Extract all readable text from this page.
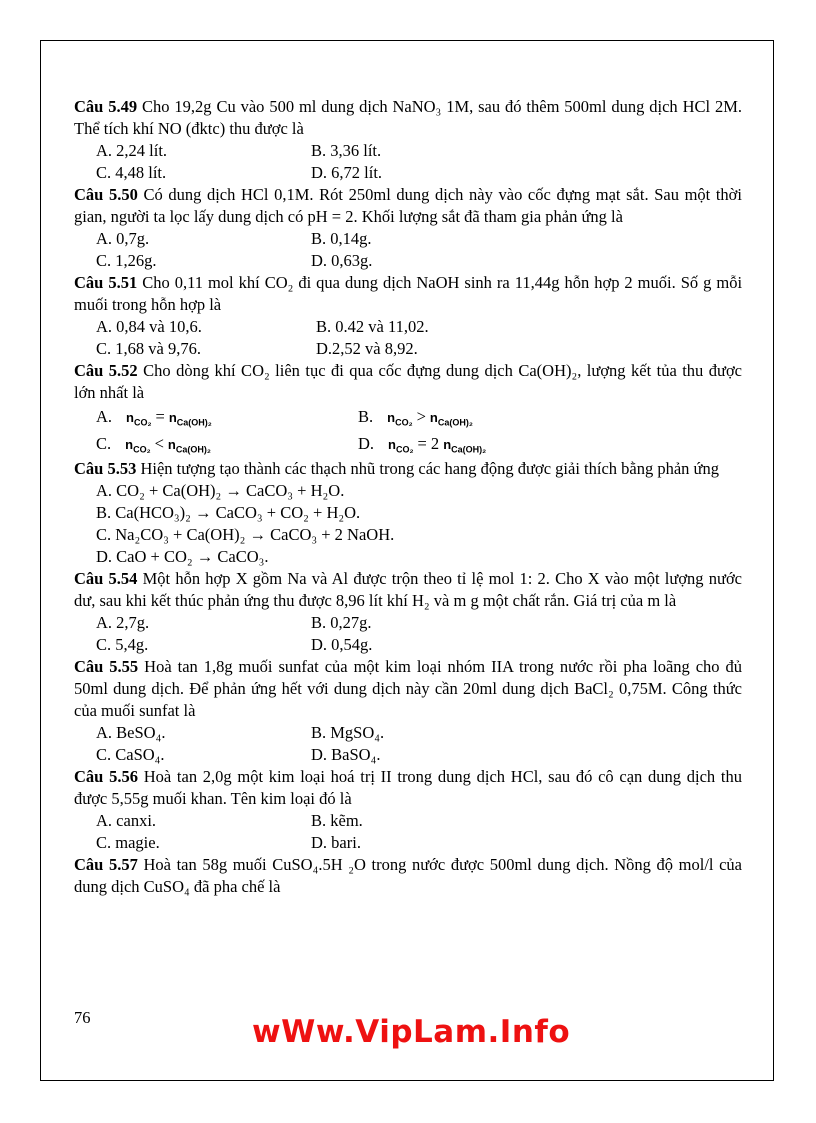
Câu 5.49 Cho 19,2g Cu vào 500 ml dung dịch NaNO₃ 1M, sau đó thêm 500ml dung dịch HCl 2M. Thể tích khí NO (đktc) thu được là
A. 2,24 lít.	B. 3,36 lít.
C. 4,48 lít.	D. 6,72 lít.
Câu 5.50 Có dung dịch HCl 0,1M. Rót 250ml dung dịch này vào cốc đựng mạt sắt. Sau một thời gian, người ta lọc lấy dung dịch có pH = 2. Khối lượng sắt đã tham gia phản ứng là
A. 0,7g.	B. 0,14g.
C. 1,26g.	D. 0,63g.
Câu 5.51 Cho 0,11 mol khí CO₂ đi qua dung dịch NaOH sinh ra 11,44g hỗn hợp 2 muối. Số g mỗi muối trong hỗn hợp là
A. 0,84 và 10,6.	B. 0.42 và 11,02.
C. 1,68 và 9,76.	D.2,52 và 8,92.
Câu 5.52 Cho dòng khí CO₂ liên tục đi qua cốc đựng dung dịch Ca(OH)₂, lượng kết tủa thu được lớn nhất là
A. $n_{CO_2} = n_{Ca(OH)_2}$	B. $n_{CO_2} > n_{Ca(OH)_2}$
C. $n_{CO_2} < n_{Ca(OH)_2}$	D. $n_{CO_2} = 2$ $n_{Ca(OH)_2}$
Câu 5.53 Hiện tượng tạo thành các thạch nhũ trong các hang động được giải thích bằng phản ứng
A. CO₂ + Ca(OH)₂ → CaCO₃ + H₂O.
B. Ca(HCO₃)₂ → CaCO₃ + CO₂ + H₂O.
C. Na₂CO₃ + Ca(OH)₂ → CaCO₃ + 2 NaOH.
D. CaO + CO₂ → CaCO₃.
Câu 5.54 Một hỗn hợp X gồm Na và Al được trộn theo tỉ lệ mol 1: 2. Cho X vào một lượng nước dư, sau khi kết thúc phản ứng thu được 8,96 lít khí H₂ và m g một chất rắn. Giá trị của m là
A. 2,7g.	B. 0,27g.
C. 5,4g.	D. 0,54g.
Câu 5.55 Hoà tan 1,8g muối sunfat của một kim loại nhóm IIA trong nước rồi pha loãng cho đủ 50ml dung dịch. Để phản ứng hết với dung dịch này cần 20ml dung dịch BaCl₂ 0,75M. Công thức của muối sunfat là
A. BeSO₄.	B. MgSO₄.
C. CaSO₄.	D. BaSO₄.
Câu 5.56 Hoà tan 2,0g một kim loại hoá trị II trong dung dịch HCl, sau đó cô cạn dung dịch thu được 5,55g muối khan. Tên kim loại đó là
A. canxi.	B. kẽm.
C. magie.	D. bari.
Câu 5.57 Hoà tan 58g muối CuSO₄.5H ₂O trong nước được 500ml dung dịch. Nồng độ mol/l của dung dịch CuSO₄ đã pha chế là
76	wWw.VipLam.Info
